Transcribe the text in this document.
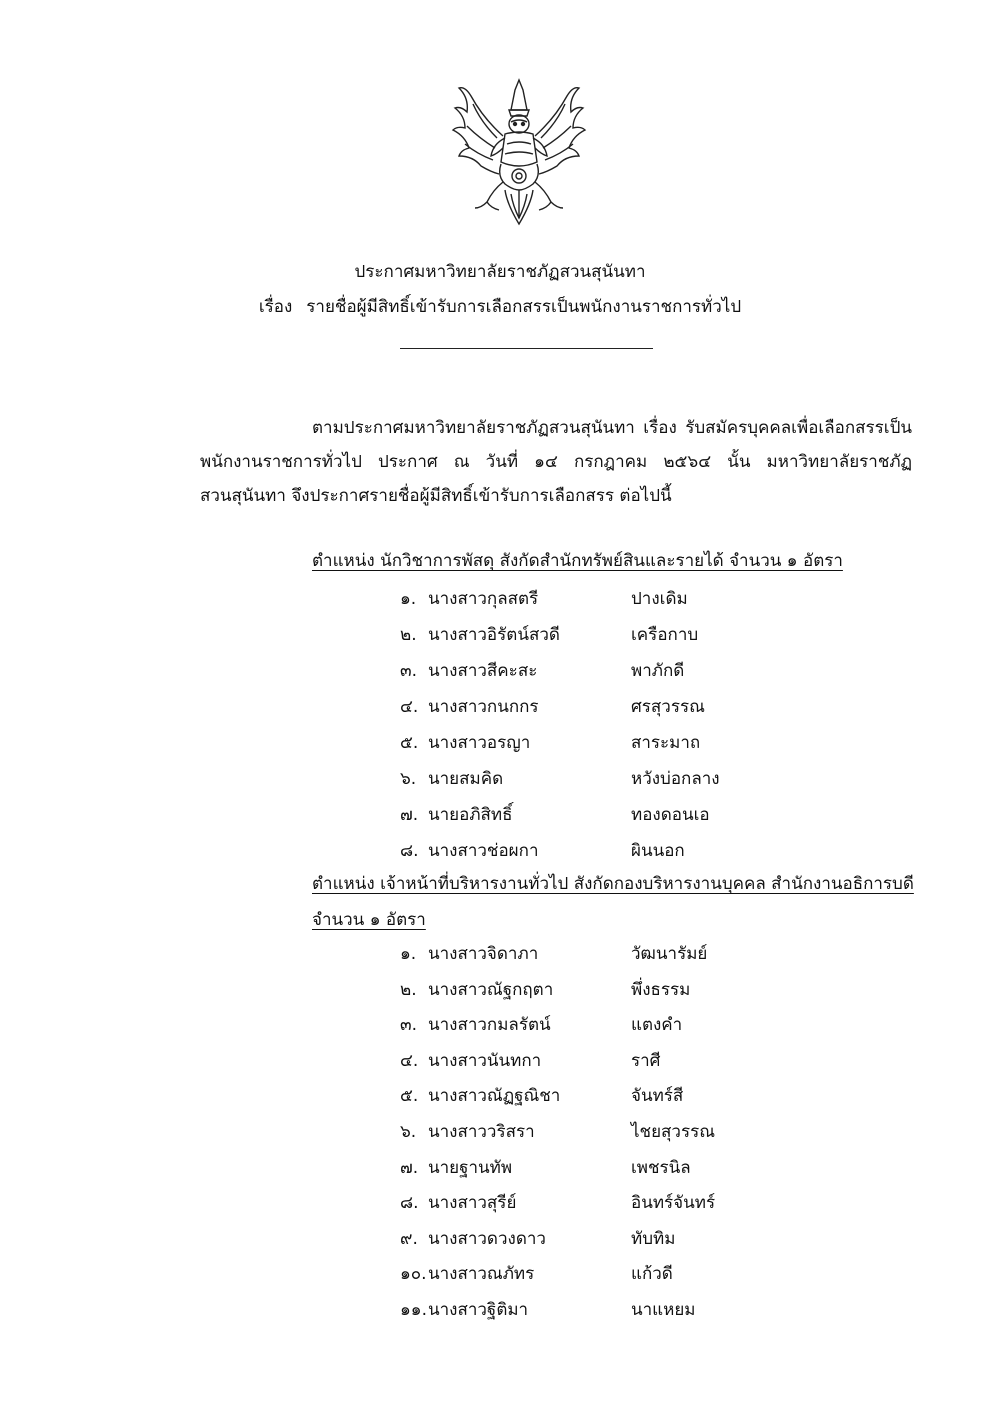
ประกาศมหาวิทยาลัยราชภัฏสวนสุนันทา
เรื่อง รายชื่อผู้มีสิทธิ์เข้ารับการเลือกสรรเป็นพนักงานราชการทั่วไป
ตามประกาศมหาวิทยาลัยราชภัฏสวนสุนันทา เรื่อง รับสมัครบุคคลเพื่อเลือกสรรเป็น พนักงานราชการทั่วไป ประกาศ ณ วันที่ ๑๔ กรกฎาคม ๒๕๖๔ นั้น มหาวิทยาลัยราชภัฏสวนสุนันทา จึงประกาศรายชื่อผู้มีสิทธิ์เข้ารับการเลือกสรร ต่อไปนี้
ตำแหน่ง นักวิชาการพัสดุ สังกัดสำนักทรัพย์สินและรายได้ จำนวน ๑ อัตรา
๑. นางสาวกุลสตรี	ปางเดิม
๒. นางสาวอิรัตน์สวดี	เครือกาบ
๓. นางสาวสีคะสะ	พาภักดี
๔. นางสาวกนกกร	ศรสุวรรณ
๕. นางสาวอรญา	สาระมาถ
๖. นายสมคิด	หวังบ่อกลาง
๗. นายอภิสิทธิ์	ทองดอนเอ
๘. นางสาวช่อผกา	ผินนอก
ตำแหน่ง เจ้าหน้าที่บริหารงานทั่วไป สังกัดกองบริหารงานบุคคล สำนักงานอธิการบดี
จำนวน ๑ อัตรา
๑. นางสาวจิดาภา	วัฒนารัมย์
๒. นางสาวณัฐกฤตา	พึ่งธรรม
๓. นางสาวกมลรัตน์	แตงคำ
๔. นางสาวนันทกา	ราศี
๕. นางสาวณัฏฐณิชา	จันทร์สี
๖. นางสาววริสรา	ไชยสุวรรณ
๗. นายฐานทัพ	เพชรนิล
๘. นางสาวสุรีย์	อินทร์จันทร์
๙. นางสาวดวงดาว	ทับทิม
๑๐. นางสาวณภัทร	แก้วดี
๑๑. นางสาวฐิติมา	นาแหยม
